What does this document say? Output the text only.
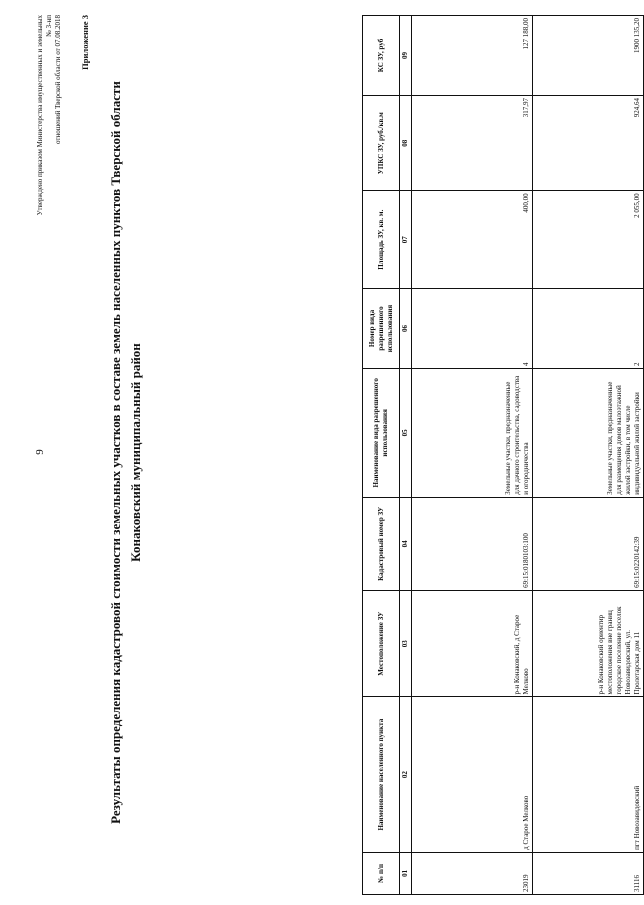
9
Утверждено приказом Министерства имущественных и земельных № 3-нп отношений Тверской области от 07.08.2018 Приложение 3
Результаты определения кадастровой стоимости земельных участков в составе земель населенных пунктов Тверской области Конаковский муниципальный район
№ п/п	Наименование населенного пункта	Местоположение ЗУ	Кадастровый номер ЗУ	Наименование вида разрешенного использования	Номер вида разрешенного использования	Площадь ЗУ, кв. м.	УПКС ЗУ, руб./кв.м	КС ЗУ, руб
01	02	03	04	05	06	07	08	09
23019	д Старое Мелково	р-н Конаковский, д Старое Мелково	69:15:0180103:100	Земельные участки, предназначенные для дачного строительства, садоводства и огородничества	4	400,00	317,97	127 188,00
31116	пгт Новозавидовский	р-н Конаковский ориентир местоположения вне границ городское поселение поселок Новозавидовский, ул. Пролетарская дом 11	69:15:0220142:39	Земельные участки, предназначенные для размещения домов малоэтажной жилой застройки, в том числе индивидуальной жилой застройки	2	2 055,00	924,64	1900 135,20
